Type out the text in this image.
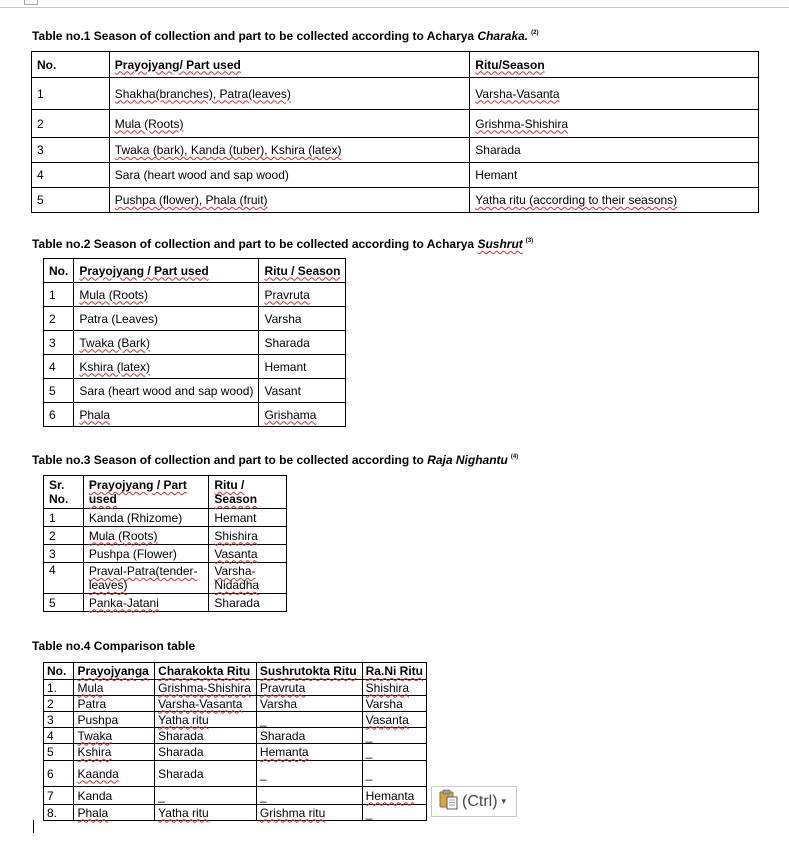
Table no.1 Season of collection and part to be collected according to Acharya Charaka. $^{(2)}$
No.	Prayojyang/ Part used	Ritu/Season
1	Shakha(branches), Patra(leaves)	Varsha-Vasanta
2	Mula (Roots)	Grishma-Shishira
3	Twaka (bark), Kanda (tuber), Kshira (latex)	Sharada
4	Sara (heart wood and sap wood)	Hemant
5	Pushpa (flower), Phala (fruit)	Yatha ritu (according to their seasons)
Table no.2 Season of collection and part to be collected according to Acharya Sushrut $^{(3)}$
No.	Prayojyang / Part used	Ritu / Season
1	Mula (Roots)	Pravruta
2	Patra (Leaves)	Varsha
3	Twaka (Bark)	Sharada
4	Kshira (latex)	Hemant
5	Sara (heart wood and sap wood)	Vasant
6	Phala	Grishama
Table no.3 Season of collection and part to be collected according to Raja Nighantu $^{(4)}$
Sr. No.	Prayojyang / Part used	Ritu / Season
1	Kanda (Rhizome)	Hemant
2	Mula (Roots)	Shishira
3	Pushpa (Flower)	Vasanta
4	Praval-Patra(tender-leaves)	Varsha-Nidadha
5	Panka-Jatani	Sharada
Table no.4 Comparison table
No.	Prayojyanga	Charakokta Ritu	Sushrutokta Ritu	Ra.Ni Ritu
1.	Mula	Grishma-Shishira	Pravruta	Shishira
2	Patra	Varsha-Vasanta	Varsha	Varsha
3	Pushpa	Yatha ritu	_	Vasanta
4	Twaka	Sharada	Sharada	_
5	Kshira	Sharada	Hemanta	_
6	Kaanda	Sharada	_	_
7	Kanda	_	_	Hemanta
8.	Phala	Yatha ritu	Grishma ritu	_
(Ctrl) ▾
